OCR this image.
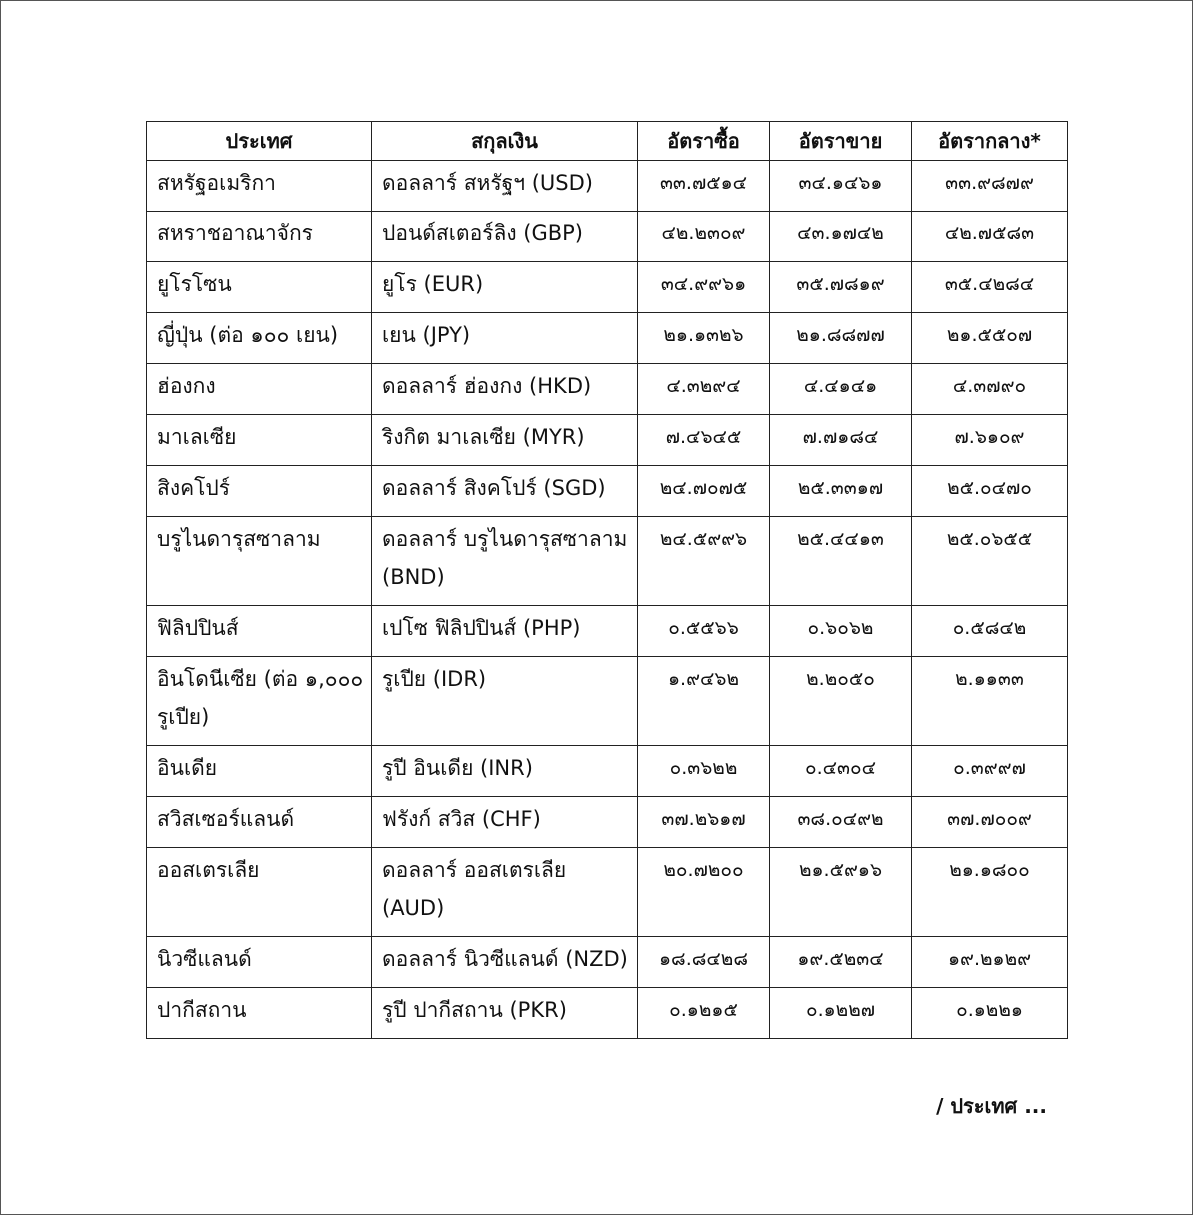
ประเทศ	สกุลเงิน	อัตราซื้อ	อัตราขาย	อัตรากลาง*
สหรัฐอเมริกา	ดอลลาร์ สหรัฐฯ (USD)	๓๓.๗๕๑๔	๓๔.๑๔๖๑	๓๓.๙๘๗๙
สหราชอาณาจักร	ปอนด์สเตอร์ลิง (GBP)	๔๒.๒๓๐๙	๔๓.๑๗๔๒	๔๒.๗๕๘๓
ยูโรโซน	ยูโร (EUR)	๓๔.๙๙๖๑	๓๕.๗๘๑๙	๓๕.๔๒๘๔
ญี่ปุ่น (ต่อ ๑๐๐ เยน)	เยน (JPY)	๒๑.๑๓๒๖	๒๑.๘๘๗๗	๒๑.๕๕๐๗
ฮ่องกง	ดอลลาร์ ฮ่องกง (HKD)	๔.๓๒๙๔	๔.๔๑๔๑	๔.๓๗๙๐
มาเลเซีย	ริงกิต มาเลเซีย (MYR)	๗.๔๖๔๕	๗.๗๑๘๔	๗.๖๑๐๙
สิงคโปร์	ดอลลาร์ สิงคโปร์ (SGD)	๒๔.๗๐๗๕	๒๕.๓๓๑๗	๒๕.๐๔๗๐
บรูไนดารุสซาลาม	ดอลลาร์ บรูไนดารุสซาลาม (BND)	๒๔.๕๙๙๖	๒๕.๔๔๑๓	๒๕.๐๖๕๕
ฟิลิปปินส์	เปโซ ฟิลิปปินส์ (PHP)	๐.๕๕๖๖	๐.๖๐๖๒	๐.๕๘๔๒
อินโดนีเซีย (ต่อ ๑,๐๐๐ รูเปีย)	รูเปีย (IDR)	๑.๙๔๖๒	๒.๒๐๕๐	๒.๑๑๓๓
อินเดีย	รูปี อินเดีย (INR)	๐.๓๖๒๒	๐.๔๓๐๔	๐.๓๙๙๗
สวิสเซอร์แลนด์	ฟรังก์ สวิส (CHF)	๓๗.๒๖๑๗	๓๘.๐๔๙๒	๓๗.๗๐๐๙
ออสเตรเลีย	ดอลลาร์ ออสเตรเลีย (AUD)	๒๐.๗๒๐๐	๒๑.๕๙๑๖	๒๑.๑๘๐๐
นิวซีแลนด์	ดอลลาร์ นิวซีแลนด์ (NZD)	๑๘.๘๔๒๘	๑๙.๕๒๓๔	๑๙.๒๑๒๙
ปากีสถาน	รูปี ปากีสถาน (PKR)	๐.๑๒๑๕	๐.๑๒๒๗	๐.๑๒๒๑
/ ประเทศ ...
